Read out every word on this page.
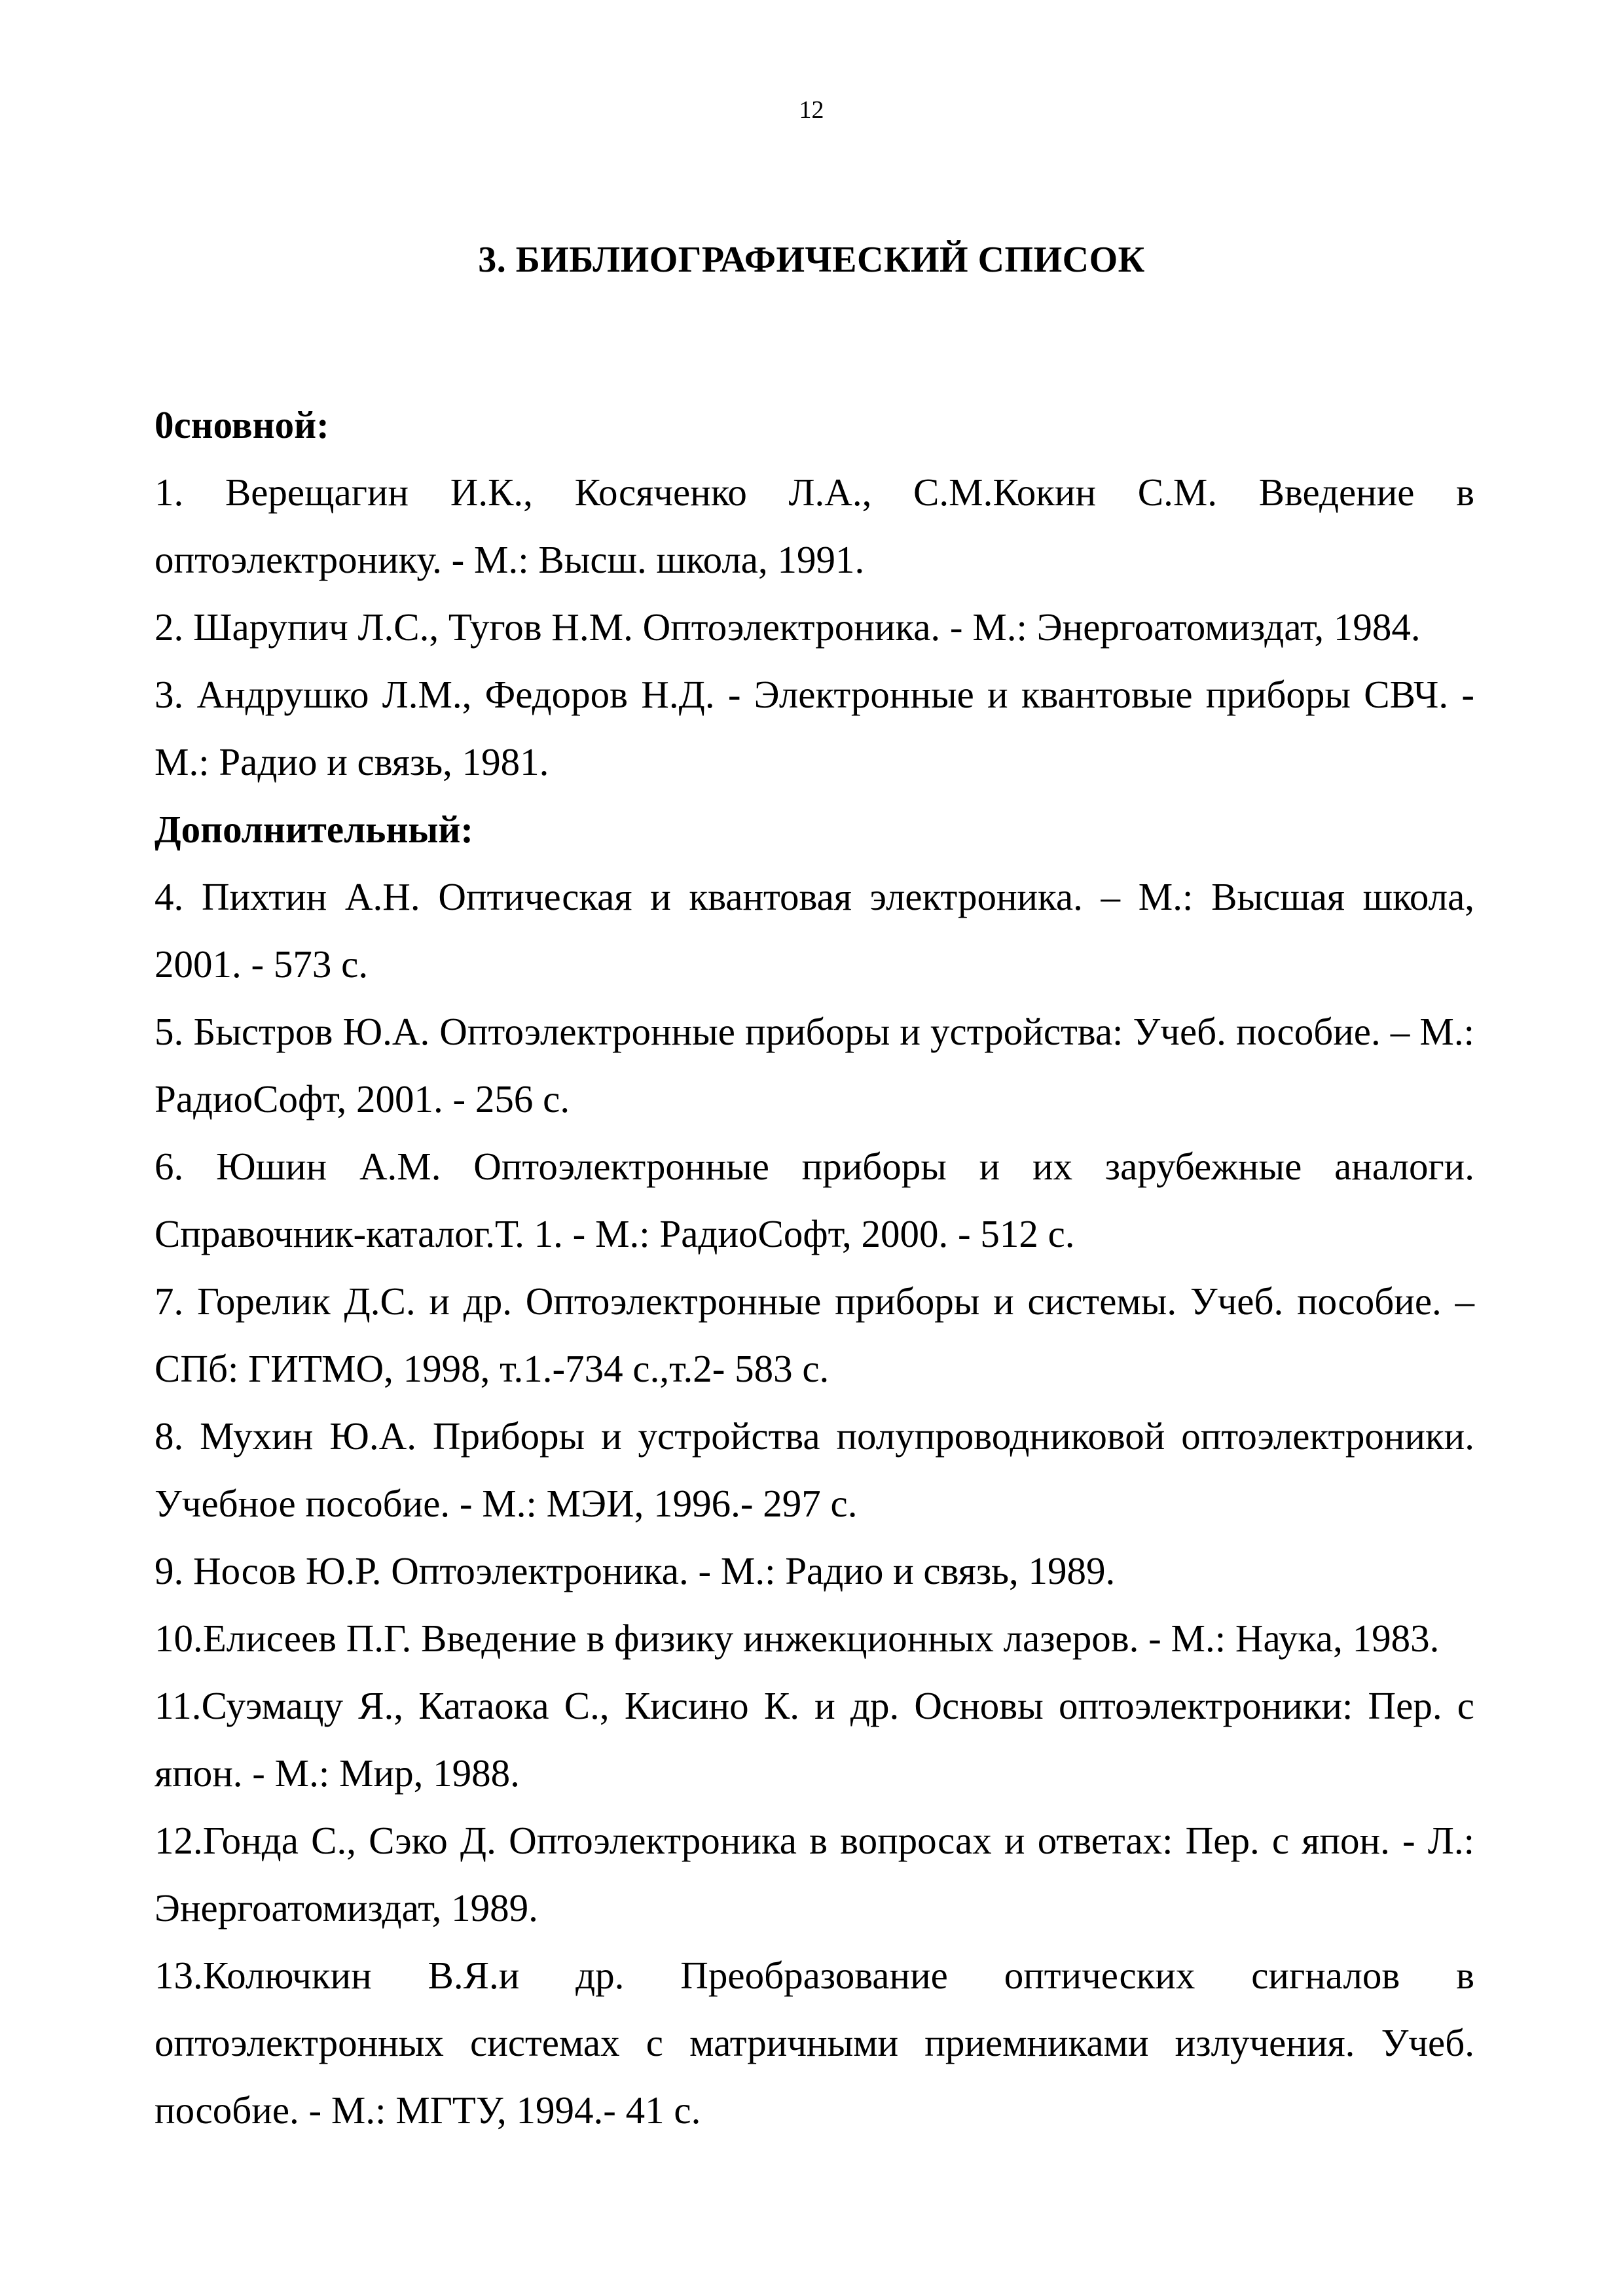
12
3. БИБЛИОГРАФИЧЕСКИЙ СПИСОК

0сновной:

1. Верещагин И.К., Косяченко Л.А., С.М.Кокин С.М. Введение в оптоэлектронику. - М.: Высш. школа, 1991.

2. Шарупич Л.С., Тугов Н.М. Оптоэлектроника. - М.: Энергоатомиздат, 1984.

3. Андрушко Л.М., Федоров Н.Д. - Электронные и квантовые приборы СВЧ. - М.: Радио и связь, 1981.

Дополнительный:

4. Пихтин А.Н. Оптическая и квантовая электроника. – М.: Высшая школа, 2001. - 573 с.

5. Быстров Ю.А. Оптоэлектронные приборы и устройства: Учеб. пособие. – М.: РадиоСофт, 2001. - 256 с.

6. Юшин А.М. Оптоэлектронные приборы и их зарубежные аналоги. Справочник-каталог.Т. 1. - М.: РадиоСофт, 2000. - 512 с.

7. Горелик Д.С. и др. Оптоэлектронные приборы и системы. Учеб. пособие. – СПб: ГИТМО, 1998, т.1.-734 с.,т.2- 583 с.

8. Мухин Ю.А. Приборы и устройства полупроводниковой оптоэлектроники. Учебное пособие. - М.: МЭИ, 1996.- 297 с.

9. Носов Ю.Р. Оптоэлектроника. - М.: Радио и связь, 1989.

10.Елисеев П.Г. Введение в физику инжекционных лазеров. - М.: Наука, 1983.

11.Суэмацу Я., Катаока С., Кисино К. и др. Основы оптоэлектроники: Пер. с япон. - М.: Мир, 1988.

12.Гонда С., Сэко Д. Оптоэлектроника в вопросах и ответах: Пер. с япон. - Л.: Энергоатомиздат, 1989.

13.Колючкин В.Я.и др. Преобразование оптических сигналов в оптоэлектронных системах с матричными приемниками излучения. Учеб. пособие. - М.: МГТУ, 1994.- 41 с.
